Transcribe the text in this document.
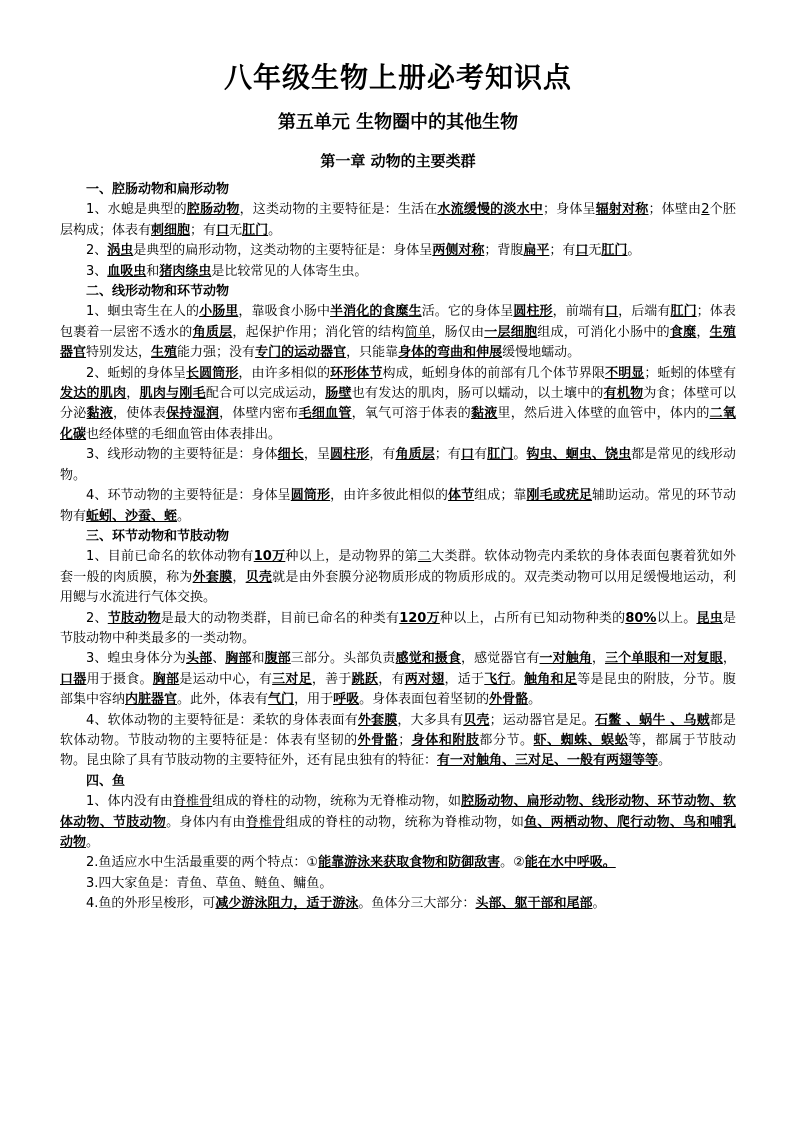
八年级生物上册必考知识点
第五单元 生物圈中的其他生物
第一章 动物的主要类群

一、腔肠动物和扁形动物

1、水螅是典型的腔肠动物，这类动物的主要特征是：生活在水流缓慢的淡水中；身体呈辐射对称；体壁由2个胚层构成；体表有刺细胞；有口无肛门。

2、涡虫是典型的扁形动物，这类动物的主要特征是：身体呈两侧对称；背腹扁平；有口无肛门。

3、血吸虫和猪肉绦虫是比较常见的人体寄生虫。

二、线形动物和环节动物

1、蛔虫寄生在人的小肠里，靠吸食小肠中半消化的食糜生活。它的身体呈圆柱形，前端有口，后端有肛门；体表包裹着一层密不透水的角质层，起保护作用；消化管的结构简单，肠仅由一层细胞组成，可消化小肠中的食糜，生殖器官特别发达，生殖能力强；没有专门的运动器官，只能靠身体的弯曲和伸展缓慢地蠕动。

2、蚯蚓的身体呈长圆筒形，由许多相似的环形体节构成，蚯蚓身体的前部有几个体节界限不明显；蚯蚓的体壁有发达的肌肉，肌肉与刚毛配合可以完成运动，肠壁也有发达的肌肉，肠可以蠕动，以土壤中的有机物为食；体壁可以分泌黏液，使体表保持湿润，体壁内密布毛细血管，氧气可溶于体表的黏液里，然后进入体壁的血管中，体内的二氧化碳也经体壁的毛细血管由体表排出。

3、线形动物的主要特征是：身体细长，呈圆柱形，有角质层；有口有肛门。钩虫、蛔虫、饶虫都是常见的线形动物。

4、环节动物的主要特征是：身体呈圆筒形，由许多彼此相似的体节组成；靠刚毛或疣足辅助运动。常见的环节动物有蚯蚓、沙蚕、蛭。

三、环节动物和节肢动物

1、目前已命名的软体动物有10万种以上，是动物界的第二大类群。软体动物壳内柔软的身体表面包裹着犹如外套一般的肉质膜，称为外套膜，贝壳就是由外套膜分泌物质形成的物质形成的。双壳类动物可以用足缓慢地运动，利用鳃与水流进行气体交换。

2、节肢动物是最大的动物类群，目前已命名的种类有120万种以上，占所有已知动物种类的80%以上。昆虫是节肢动物中种类最多的一类动物。

3、蝗虫身体分为头部、胸部和腹部三部分。头部负责感觉和摄食，感觉器官有一对触角，三个单眼和一对复眼，口器用于摄食。胸部是运动中心，有三对足，善于跳跃，有两对翅，适于飞行。触角和足等是昆虫的附肢，分节。腹部集中容纳内脏器官。此外，体表有气门，用于呼吸。身体表面包着坚韧的外骨骼。

4、软体动物的主要特征是：柔软的身体表面有外套膜，大多具有贝壳；运动器官是足。石鳖 、蜗牛 、乌贼都是软体动物。节肢动物的主要特征是：体表有坚韧的外骨骼；身体和附肢都分节。虾、蜘蛛、蜈蚣等，都属于节肢动物。昆虫除了具有节肢动物的主要特征外，还有昆虫独有的特征：有一对触角、三对足、一般有两翅等等。

四、鱼

1、体内没有由脊椎骨组成的脊柱的动物，统称为无脊椎动物，如腔肠动物、扁形动物、线形动物、环节动物、软体动物、节肢动物。身体内有由脊椎骨组成的脊柱的动物，统称为脊椎动物，如鱼、两栖动物、爬行动物、鸟和哺乳动物。

2.鱼适应水中生活最重要的两个特点：①能靠游泳来获取食物和防御敌害。②能在水中呼吸。

3.四大家鱼是：青鱼、草鱼、鲢鱼、鳙鱼。

4.鱼的外形呈梭形，可减少游泳阻力，适于游泳。鱼体分三大部分：头部、躯干部和尾部。
